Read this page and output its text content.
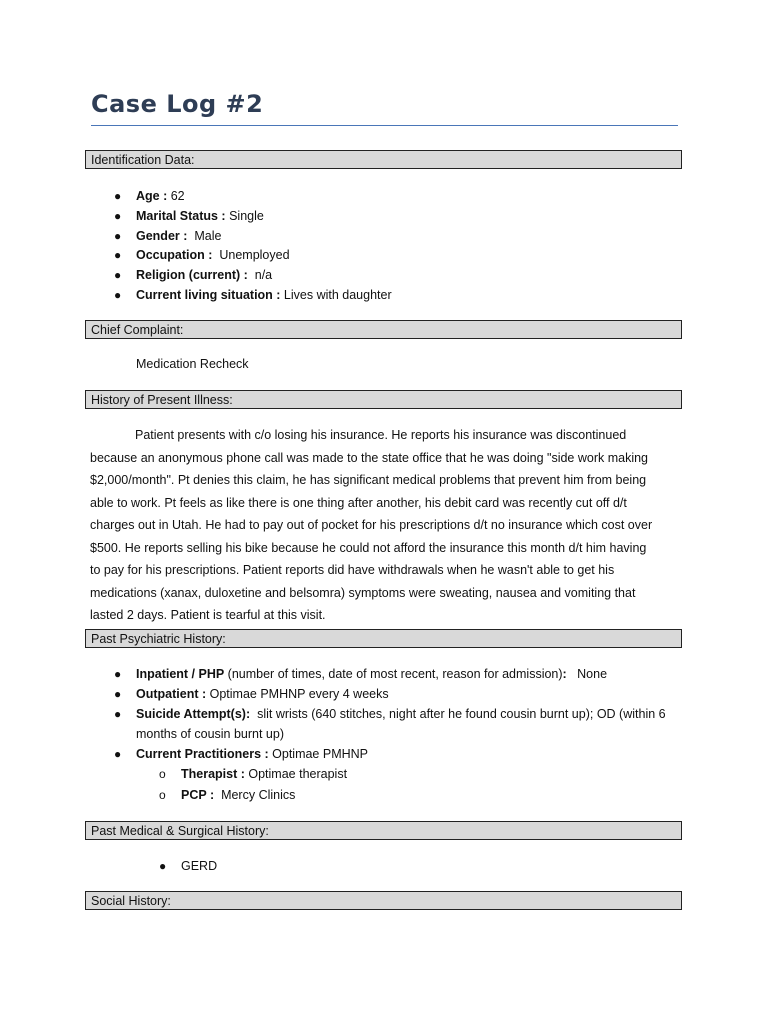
Case Log #2
Identification Data:
● Age : 62
● Marital Status : Single
● Gender :  Male
● Occupation :  Unemployed
● Religion (current) :  n/a
● Current living situation : Lives with daughter
Chief Complaint:
Medication Recheck
History of Present Illness:
Patient presents with c/o losing his insurance. He reports his insurance was discontinued
because an anonymous phone call was made to the state office that he was doing "side work making
$2,000/month". Pt denies this claim, he has significant medical problems that prevent him from being
able to work. Pt feels as like there is one thing after another, his debit card was recently cut off d/t
charges out in Utah. He had to pay out of pocket for his prescriptions d/t no insurance which cost over
$500. He reports selling his bike because he could not afford the insurance this month d/t him having
to pay for his prescriptions. Patient reports did have withdrawals when he wasn't able to get his
medications (xanax, duloxetine and belsomra) symptoms were sweating, nausea and vomiting that
lasted 2 days. Patient is tearful at this visit.
Past Psychiatric History:
● Inpatient / PHP (number of times, date of most recent, reason for admission):   None
● Outpatient : Optimae PMHNP every 4 weeks
● Suicide Attempt(s):  slit wrists (640 stitches, night after he found cousin burnt up); OD (within 6
months of cousin burnt up)
● Current Practitioners : Optimae PMHNP
o Therapist : Optimae therapist
o PCP :  Mercy Clinics
Past Medical & Surgical History:
● GERD
Social History:
